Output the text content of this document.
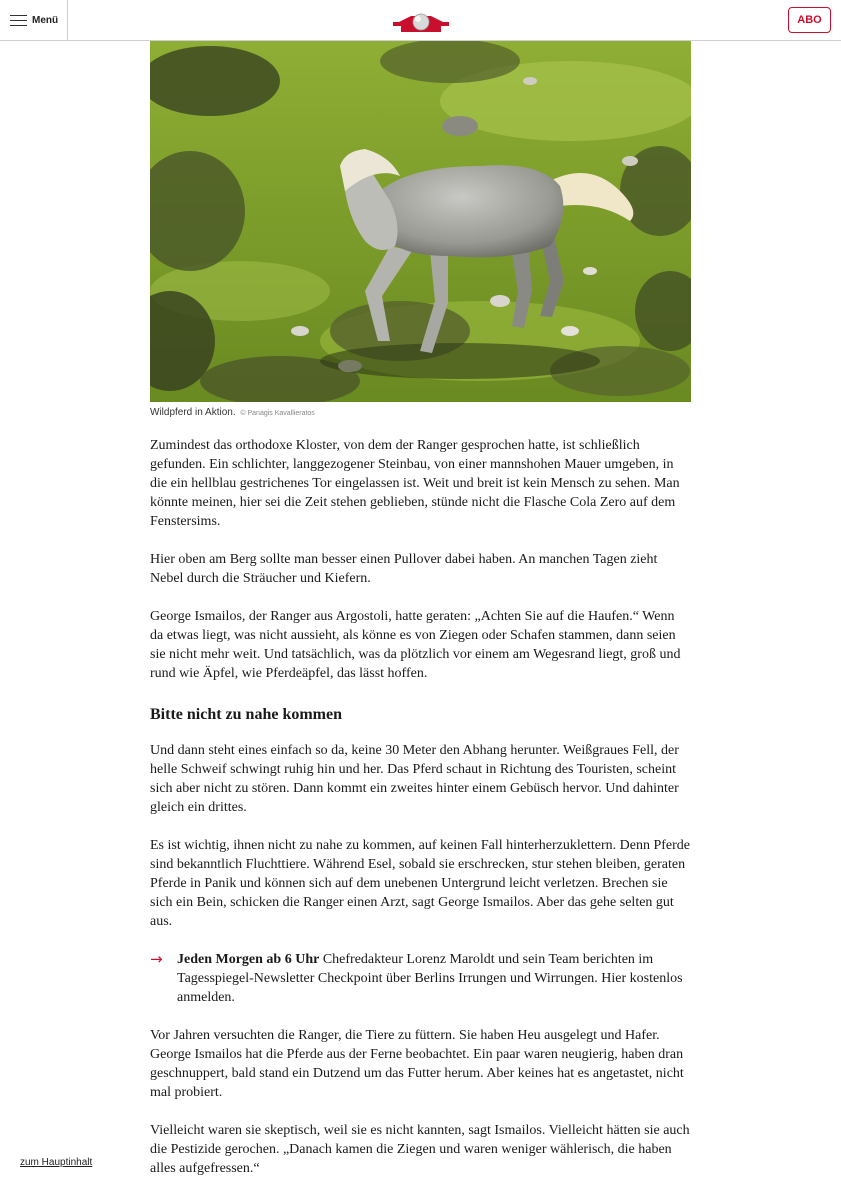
Menü	ABO
Wildpferd in Aktion. © Panagis Kavallieratos

Zumindest das orthodoxe Kloster, von dem der Ranger gesprochen hatte, ist schließlich gefunden. Ein schlichter, langgezogener Steinbau, von einer mannshohen Mauer umgeben, in die ein hellblau gestrichenes Tor eingelassen ist. Weit und breit ist kein Mensch zu sehen. Man könnte meinen, hier sei die Zeit stehen geblieben, stünde nicht die Flasche Cola Zero auf dem Fenstersims.

Hier oben am Berg sollte man besser einen Pullover dabei haben. An manchen Tagen zieht Nebel durch die Sträucher und Kiefern.

George Ismailos, der Ranger aus Argostoli, hatte geraten: „Achten Sie auf die Haufen.“ Wenn da etwas liegt, was nicht aussieht, als könne es von Ziegen oder Schafen stammen, dann seien sie nicht mehr weit. Und tatsächlich, was da plötzlich vor einem am Wegesrand liegt, groß und rund wie Äpfel, wie Pferdeäpfel, das lässt hoffen.

Bitte nicht zu nahe kommen

Und dann steht eines einfach so da, keine 30 Meter den Abhang herunter. Weißgraues Fell, der helle Schweif schwingt ruhig hin und her. Das Pferd schaut in Richtung des Touristen, scheint sich aber nicht zu stören. Dann kommt ein zweites hinter einem Gebüsch hervor. Und dahinter gleich ein drittes.

Es ist wichtig, ihnen nicht zu nahe zu kommen, auf keinen Fall hinterherzuklettern. Denn Pferde sind bekanntlich Fluchttiere. Während Esel, sobald sie erschrecken, stur stehen bleiben, geraten Pferde in Panik und können sich auf dem unebenen Untergrund leicht verletzen. Brechen sie sich ein Bein, schicken die Ranger einen Arzt, sagt George Ismailos. Aber das gehe selten gut aus.

→ Jeden Morgen ab 6 Uhr Chefredakteur Lorenz Maroldt und sein Team berichten im Tagesspiegel-Newsletter Checkpoint über Berlins Irrungen und Wirrungen. Hier kostenlos anmelden.

Vor Jahren versuchten die Ranger, die Tiere zu füttern. Sie haben Heu ausgelegt und Hafer. George Ismailos hat die Pferde aus der Ferne beobachtet. Ein paar waren neugierig, haben dran geschnuppert, bald stand ein Dutzend um das Futter herum. Aber keines hat es angetastet, nicht mal probiert.

Vielleicht waren sie skeptisch, weil sie es nicht kannten, sagt Ismailos. Vielleicht hätten sie auch die Pestizide gerochen. „Danach kamen die Ziegen und waren weniger wählerisch, die haben alles aufgefressen.“

zum Hauptinhalt
